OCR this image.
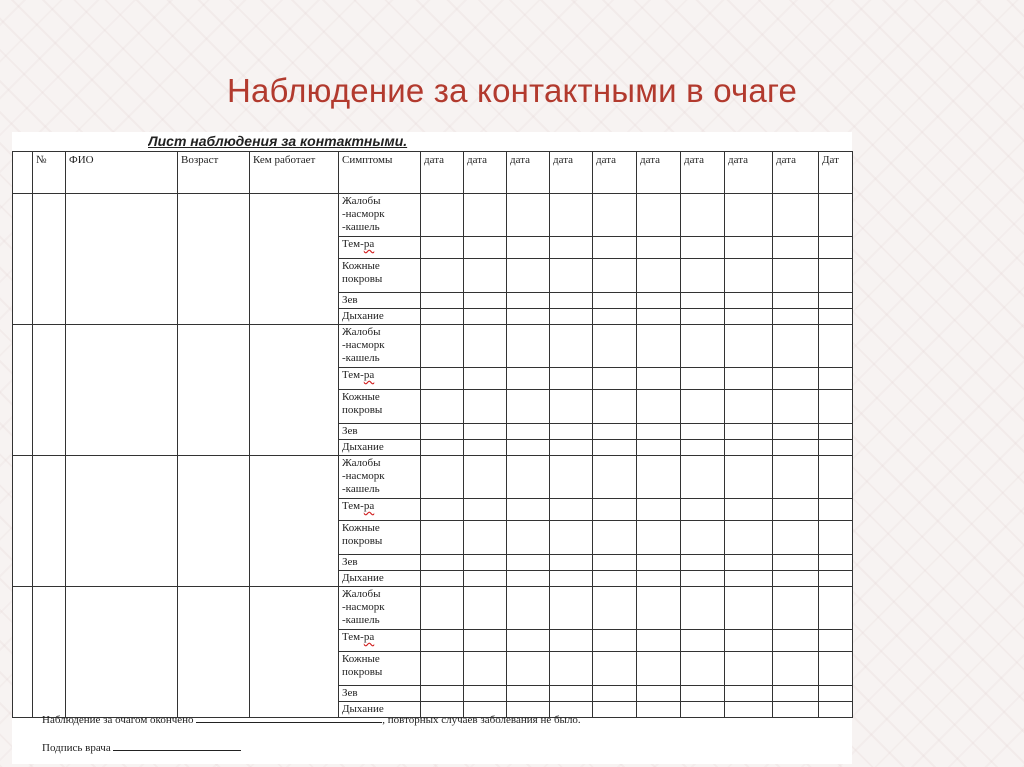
Наблюдение за контактными в очаге
Лист наблюдения за контактными.
	№	ФИО	Возраст	Кем работает	Симптомы	дата	дата	дата	дата	дата	дата	дата	дата	дата	Дат
					Жалобы
-насморк
-кашель										
					Тем-ра										
					Кожные
покровы										
					Зев										
					Дыхание										
					Жалобы
-насморк
-кашель										
					Тем-ра										
					Кожные
покровы										
					Зев										
					Дыхание										
					Жалобы
-насморк
-кашель										
					Тем-ра										
					Кожные
покровы										
					Зев										
					Дыхание										
					Жалобы
-насморк
-кашель										
					Тем-ра										
					Кожные
покровы										
					Зев										
					Дыхание										
Наблюдение за очагом окончено	, повторных случаев заболевания не было.
Подпись врача
